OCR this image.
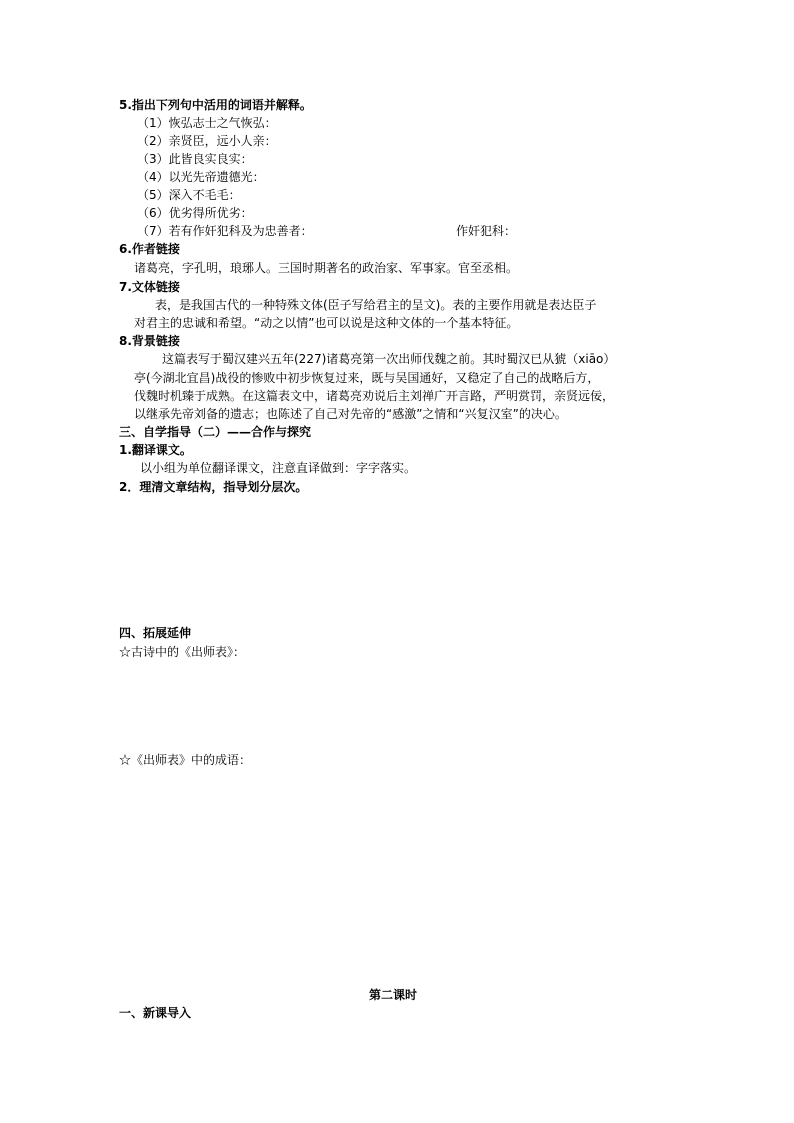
5.指出下列句中活用的词语并解释。
（1）恢弘志士之气恢弘：
（2）亲贤臣，远小人亲：
（3）此皆良实良实：
（4）以光先帝遗德光：
（5）深入不毛毛：
（6）优劣得所优劣：
（7）若有作奸犯科及为忠善者：	作奸犯科：
6.作者链接
诸葛亮，字孔明，琅琊人。三国时期著名的政治家、军事家。官至丞相。
7.文体链接
表，是我国古代的一种特殊文体(臣子写给君主的呈文)。表的主要作用就是表达臣子
对君主的忠诚和希望。“动之以情”也可以说是这种文体的一个基本特征。
8.背景链接
这篇表写于蜀汉建兴五年(227)诸葛亮第一次出师伐魏之前。其时蜀汉已从猇（xiāo）
亭(今湖北宜昌)战役的惨败中初步恢复过来，既与吴国通好，又稳定了自己的战略后方，
伐魏时机臻于成熟。在这篇表文中，诸葛亮劝说后主刘禅广开言路，严明赏罚，亲贤远佞，
以继承先帝刘备的遗志；也陈述了自己对先帝的“感激”之情和“兴复汉室”的决心。
三、自学指导（二）——合作与探究
1.翻译课文。
以小组为单位翻译课文，注意直译做到：字字落实。
2．理清文章结构，指导划分层次。
四、拓展延伸
☆古诗中的《出师表》：
☆《出师表》中的成语：
第二课时
一、新课导入
